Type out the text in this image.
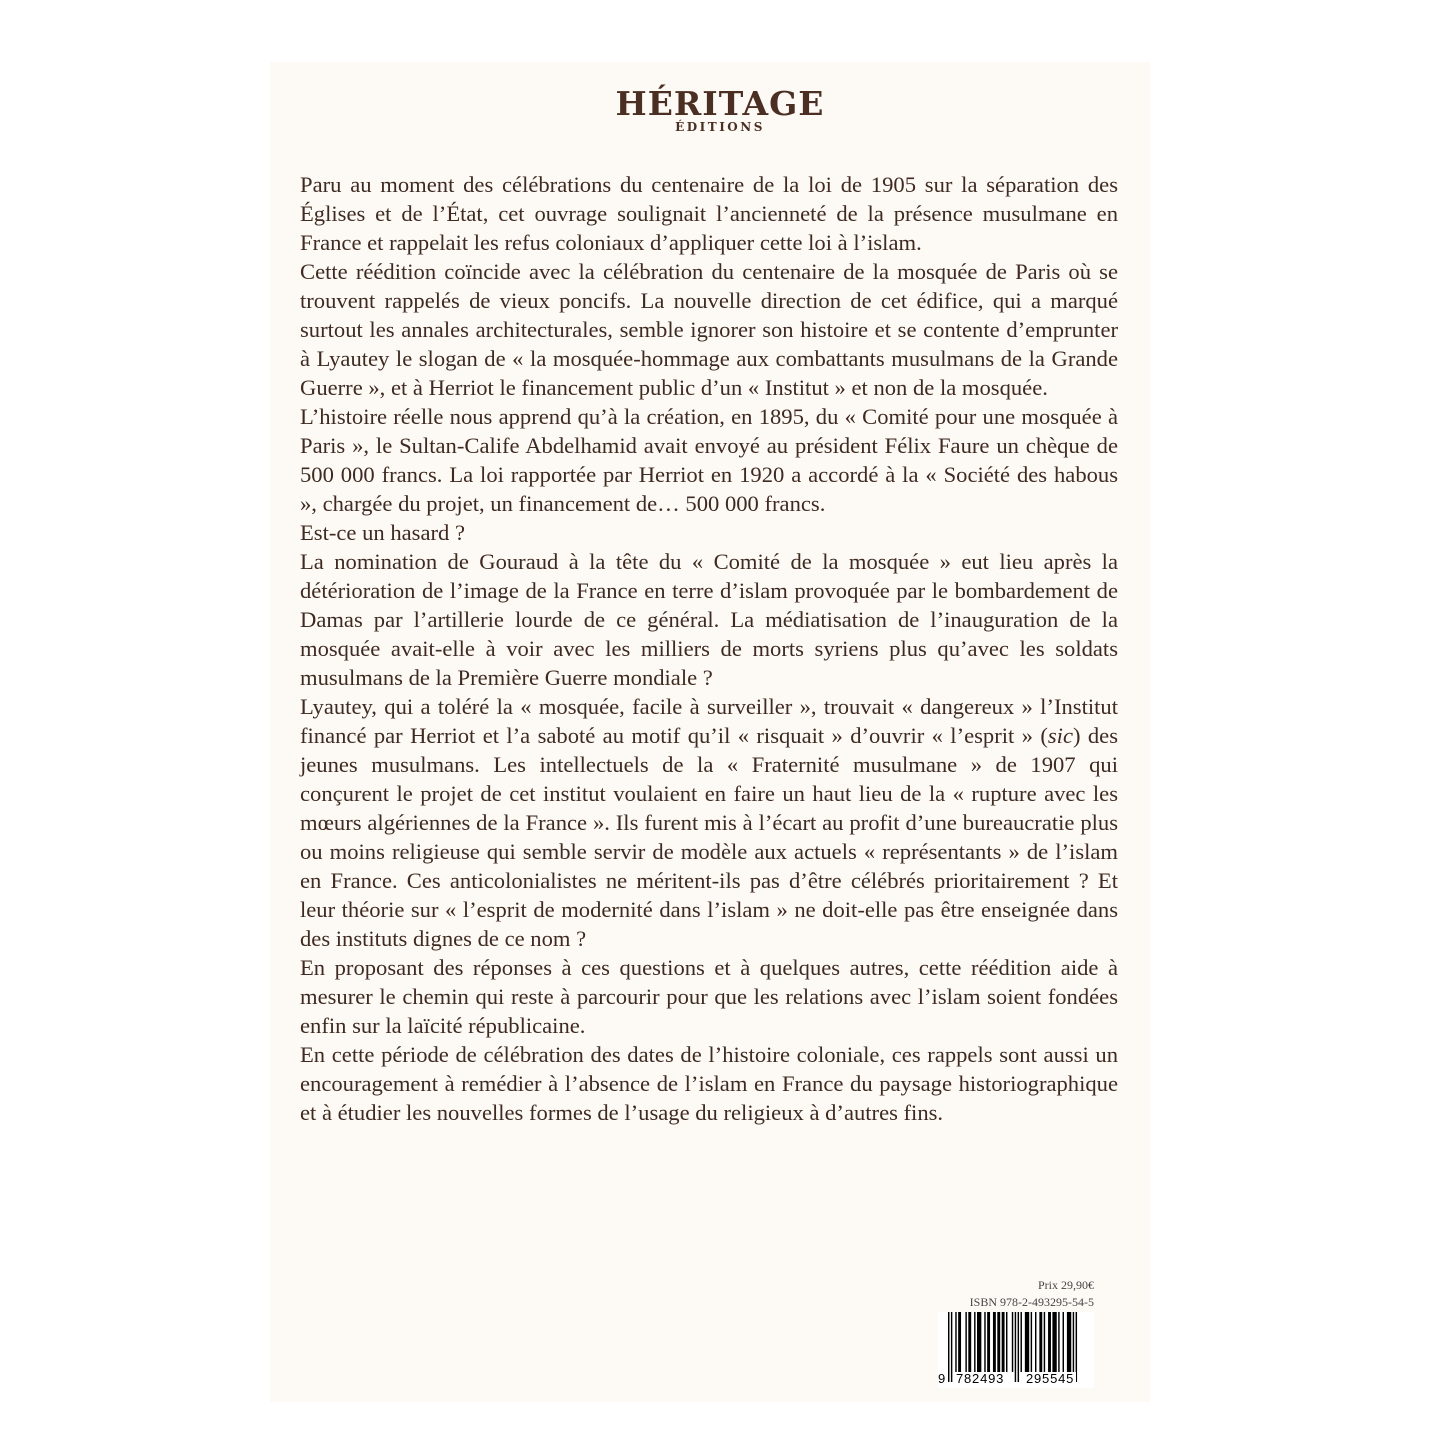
HÉRITAGE
ÉDITIONS

Paru au moment des célébrations du centenaire de la loi de 1905 sur la séparation des Églises et de l’État, cet ouvrage soulignait l’ancienneté de la présence musulmane en France et rappelait les refus coloniaux d’appliquer cette loi à l’islam.

Cette réédition coïncide avec la célébration du centenaire de la mosquée de Paris où se trouvent rappelés de vieux poncifs. La nouvelle direction de cet édifice, qui a marqué surtout les annales architecturales, semble ignorer son histoire et se contente d’emprunter à Lyautey le slogan de « la mosquée-hommage aux combattants musulmans de la Grande Guerre », et à Herriot le financement public d’un « Institut » et non de la mosquée.

L’histoire réelle nous apprend qu’à la création, en 1895, du « Comité pour une mosquée à Paris », le Sultan-Calife Abdelhamid avait envoyé au président Félix Faure un chèque de 500 000 francs. La loi rapportée par Herriot en 1920 a accordé à la « Société des habous », chargée du projet, un financement de… 500 000 francs.

Est-ce un hasard ?

La nomination de Gouraud à la tête du « Comité de la mosquée » eut lieu après la détérioration de l’image de la France en terre d’islam provoquée par le bombardement de Damas par l’artillerie lourde de ce général. La médiatisation de l’inauguration de la mosquée avait-elle à voir avec les milliers de morts syriens plus qu’avec les soldats musulmans de la Première Guerre mondiale ?

Lyautey, qui a toléré la « mosquée, facile à surveiller », trouvait « dangereux » l’Institut financé par Herriot et l’a saboté au motif qu’il « risquait » d’ouvrir « l’esprit » (sic) des jeunes musulmans. Les intellectuels de la « Fraternité musulmane » de 1907 qui conçurent le projet de cet institut voulaient en faire un haut lieu de la « rupture avec les mœurs algériennes de la France ». Ils furent mis à l’écart au profit d’une bureaucratie plus ou moins religieuse qui semble servir de modèle aux actuels « représentants » de l’islam en France. Ces anticolonialistes ne méritent-ils pas d’être célébrés prioritairement ? Et leur théorie sur « l’esprit de modernité dans l’islam » ne doit-elle pas être enseignée dans des instituts dignes de ce nom ?

En proposant des réponses à ces questions et à quelques autres, cette réédition aide à mesurer le chemin qui reste à parcourir pour que les relations avec l’islam soient fondées enfin sur la laïcité républicaine.

En cette période de célébration des dates de l’histoire coloniale, ces rappels sont aussi un encouragement à remédier à l’absence de l’islam en France du paysage historiographique et à étudier les nouvelles formes de l’usage du religieux à d’autres fins.

Prix 29,90€
ISBN 978-2-493295-54-5
9 782493 295545
